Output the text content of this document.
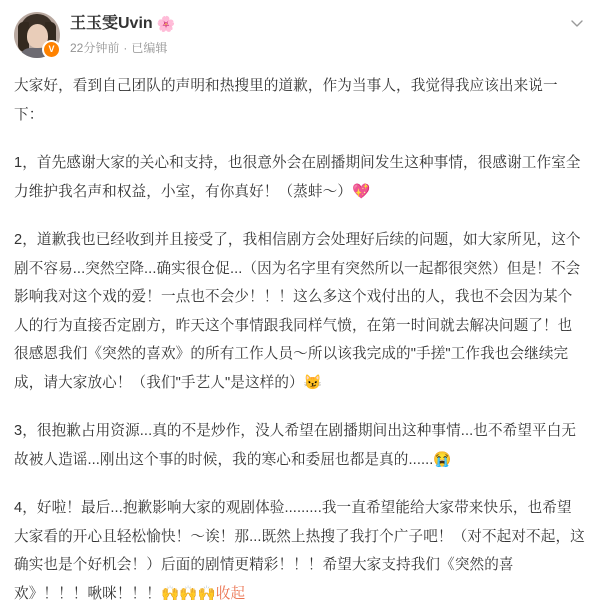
V
王玉雯Uvin 🌸
22分钟前 · 已编辑

大家好，看到自己团队的声明和热搜里的道歉，作为当事人，我觉得我应该出来说一下：

1，首先感谢大家的关心和支持，也很意外会在剧播期间发生这种事情，很感谢工作室全力维护我名声和权益，小室，有你真好！（蒸蚌～）💖

2，道歉我也已经收到并且接受了，我相信剧方会处理好后续的问题，如大家所见，这个剧不容易...突然空降...确实很仓促...（因为名字里有突然所以一起都很突然）但是！不会影响我对这个戏的爱！一点也不会少！！！这么多这个戏付出的人，我也不会因为某个人的行为直接否定剧方，昨天这个事情跟我同样气愤，在第一时间就去解决问题了！也很感恩我们《突然的喜欢》的所有工作人员～所以该我完成的"手搓"工作我也会继续完成，请大家放心！（我们"手艺人"是这样的）😼

3，很抱歉占用资源...真的不是炒作，没人希望在剧播期间出这种事情...也不希望平白无故被人造谣...刚出这个事的时候，我的寒心和委屈也都是真的......😭

4，好啦！最后...抱歉影响大家的观剧体验.........我一直希望能给大家带来快乐，也希望大家看的开心且轻松愉快！～诶！那...既然上热搜了我打个广子吧！（对不起对不起，这确实也是个好机会！）后面的剧情更精彩！！！希望大家支持我们《突然的喜欢》！！！啾咪！！！🙌🙌🙌收起
